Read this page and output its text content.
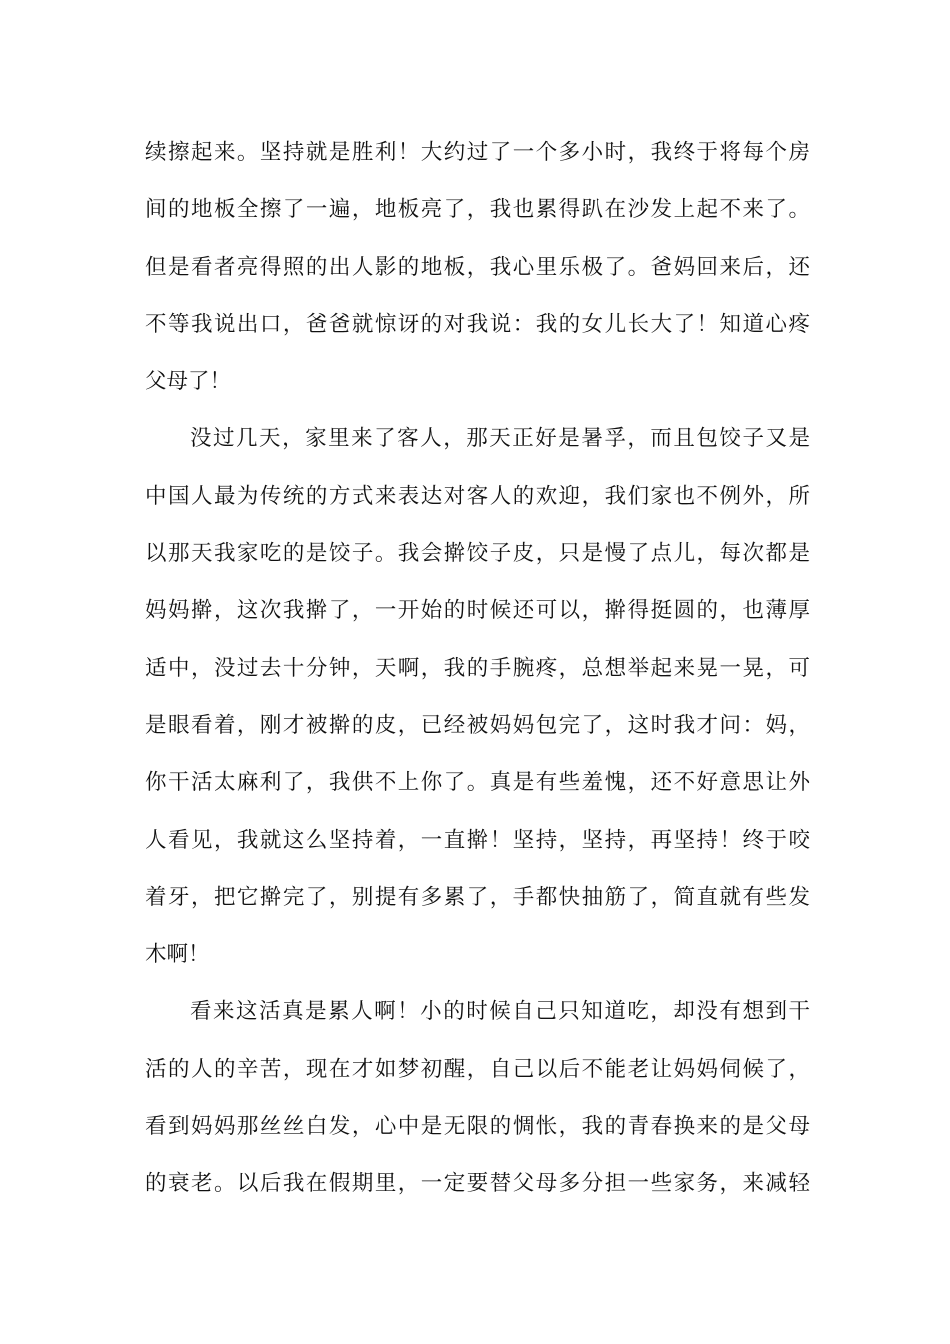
续擦起来。坚持就是胜利！大约过了一个多小时，我终于将每个房
间的地板全擦了一遍，地板亮了，我也累得趴在沙发上起不来了。
但是看者亮得照的出人影的地板，我心里乐极了。爸妈回来后，还
不等我说出口，爸爸就惊讶的对我说：我的女儿长大了！知道心疼
父母了！
没过几天，家里来了客人，那天正好是暑孚，而且包饺子又是
中国人最为传统的方式来表达对客人的欢迎，我们家也不例外，所
以那天我家吃的是饺子。我会擀饺子皮，只是慢了点儿，每次都是
妈妈擀，这次我擀了，一开始的时候还可以，擀得挺圆的，也薄厚
适中，没过去十分钟，天啊，我的手腕疼，总想举起来晃一晃，可
是眼看着，刚才被擀的皮，已经被妈妈包完了，这时我才问：妈，
你干活太麻利了，我供不上你了。真是有些羞愧，还不好意思让外
人看见，我就这么坚持着，一直擀！坚持，坚持，再坚持！终于咬
着牙，把它擀完了，别提有多累了，手都快抽筋了，简直就有些发
木啊！
看来这活真是累人啊！小的时候自己只知道吃，却没有想到干
活的人的辛苦，现在才如梦初醒，自己以后不能老让妈妈伺候了，
看到妈妈那丝丝白发，心中是无限的惆怅，我的青春换来的是父母
的衰老。以后我在假期里，一定要替父母多分担一些家务，来减轻
